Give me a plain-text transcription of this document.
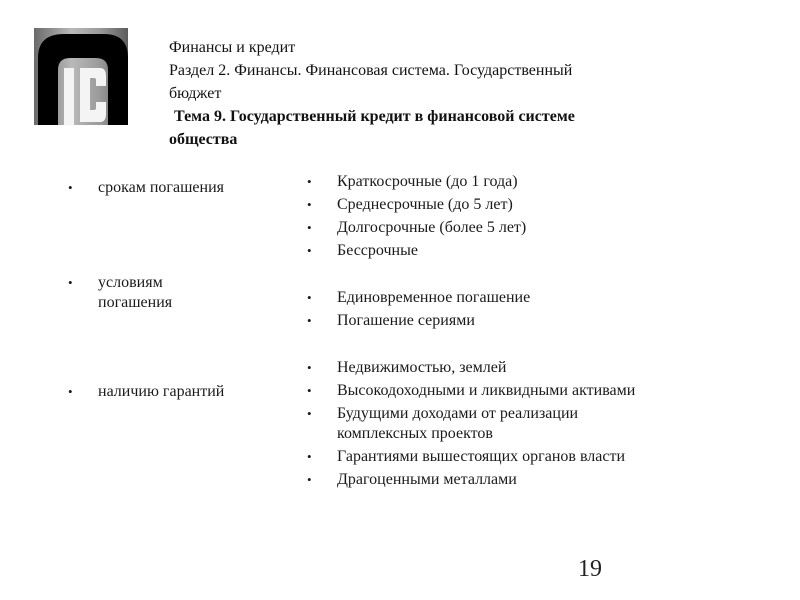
Финансы и кредит
Раздел 2. Финансы. Финансовая система. Государственный
бюджет
Тема 9. Государственный кредит в финансовой системе
общества
•	срокам погашения
•	условиям
погашения
•	наличию гарантий
•	Краткосрочные (до 1 года)
•	Среднесрочные (до 5 лет)
•	Долгосрочные (более 5 лет)
•	Бессрочные
•	Единовременное погашение
•	Погашение сериями
•	Недвижимостью, землей
•	Высокодоходными и ликвидными активами
•	Будущими доходами от реализации
комплексных проектов
•	Гарантиями вышестоящих органов власти
•	Драгоценными металлами
19
